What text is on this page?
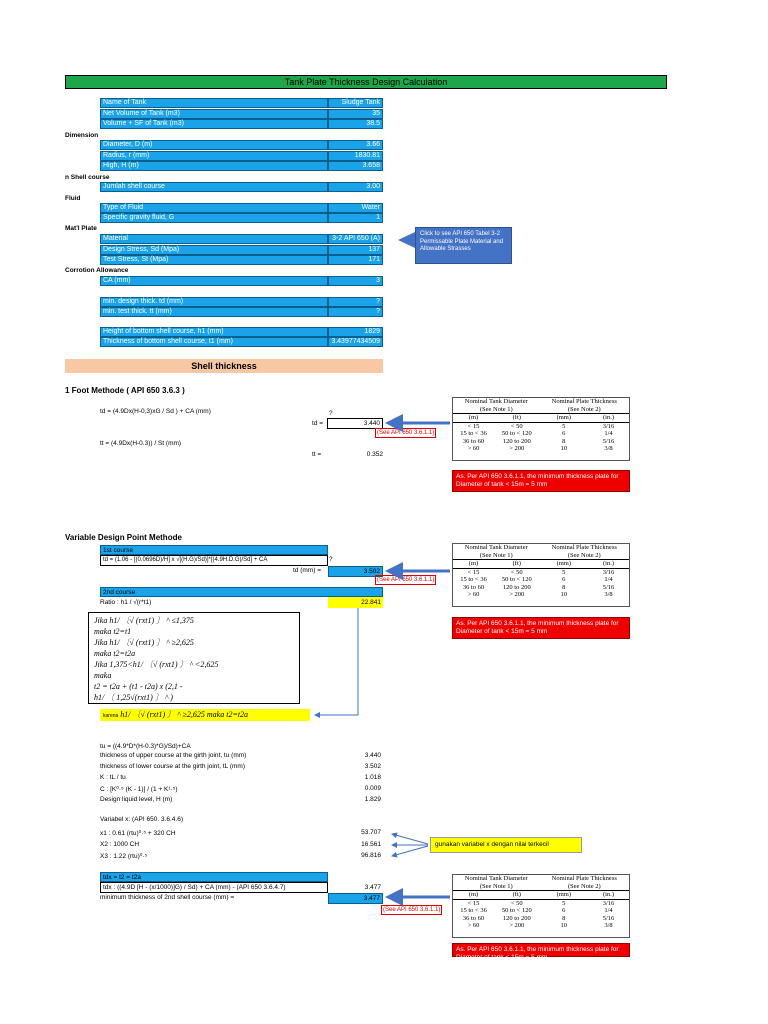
Tank Plate Thickness Design Calculation
Name of Tank	Sludge Tank
Net Volume of Tank (m3)	35
Volume + SF of Tank (m3)	38.5
Diameter, D (m)	3.66
Radius, r (mm)	1830.81
High, H (m)	3.658
Jumlah shell course	3.00
Type of Fluid	Water
Specific gravity fluid, G	1
Material	3-2 API 650 (A)
Design Stress, Sd (Mpa)	137
Test Stress, St (Mpa)	171
CA (mm)	3
min. design thick. td (mm)	?
min. test thick. tt (mm)	?
Height of bottom shell course, h1 (mm)	1829
Thickness of bottom shell course, t1 (mm)	3.43977434509
Dimension
n Shell course
Fluid
Mat'l Plate
Corrotion Allowance
Click to see API 650 Tabel 3-2 Permissable Plate Material and Allowable Strasses
Shell thickness
1 Foot Methode ( API 650 3.6.3 )
td = (4.9Dx(H-0,3)xG / Sd ) + CA (mm)	?
td =	3.440
(See API 650 3.6.1.1)
tt = (4.9Dx(H-0.3)) / St (mm)
tt =	0.352
As. Per API 650 3.6.1.1, the minimum thickness plate for Diameter of tank < 15m = 5 mm
Nominal Tank Diameter		Nominal Plate Thickness	
(See Note 1)		(See Note 2)	
(m)	(ft)	(mm)	(in.)
< 15	< 50	5	3/16
15 to < 36	50 to < 120	6	1/4
36 to 60	120 to 200	8	5/16
> 60	> 200	10	3/8
Nominal Tank Diameter		Nominal Plate Thickness	
(See Note 1)		(See Note 2)	
(m)	(ft)	(mm)	(in.)
< 15	< 50	5	3/16
15 to < 36	50 to < 120	6	1/4
36 to 60	120 to 200	8	5/16
> 60	> 200	10	3/8
Nominal Tank Diameter		Nominal Plate Thickness	
(See Note 1)		(See Note 2)	
(m)	(ft)	(mm)	(in.)
< 15	< 50	5	3/16
15 to < 36	50 to < 120	6	1/4
36 to 60	120 to 200	8	5/16
> 60	> 200	10	3/8
Variable Design Point Methode
1st course
td = (1.06 - [(0.0696D)/H] x √[(H.G)/Sd)]*[(4.9H.D.G)/Sd] + CA	?
td (mm) =	3.502
(See API 650 3.6.1.1)
2nd course
Ratio : h1 / √(r*t1)	22.841
As. Per API 650 3.6.1.1, the minimum thickness plate for Diameter of tank < 15m = 5 mm
Jika h1/ 〔√ (rxt1) 〕 ^ ≤1,375
maka t2=t1
Jika h1/ 〔√ (rxt1) 〕 ^ ≥2,625
maka t2=t2a
Jika 1,375<h1/ 〔√ (rxt1) 〕 ^ <2,625
maka
t2 = t2a + (t1 - t2a) x (2,1 -
h1/ 〔 1,25√(rxt1) 〕 ^ )
karena h1/ 〔√ (rxt1) 〕 ^ ≥2,625 maka t2=t2a
tu = ((4.9*D*(H-0.3)*G)/Sd)+CA
thickness of upper course at the girth joint, tu (mm)	3.440
thickness of lower course at the girth joint, tL (mm)	3.502
K : tL / tu	1.018
C : [K⁰·⁵ (K - 1)] / (1 + K¹·⁵)	0.009
Design liquid level, H (m)	1.829
Variabel x: (API 650. 3.6.4.6)
x1 : 0.61 (rtu)⁰·⁵ + 320 CH	53.707
X2 : 1000 CH	16.561
X3 : 1.22 (rtu)⁰·⁵	96.816
gunakan variabel x dengan nilai terkecil
tdx = t2 = t2a
tdx : ((4.9D [H - (x/1000)]G) / Sd) + CA (mm) - (API 650 3.6.4.7)	3.477
minimum thickness of 2nd shell course (mm) =	3.477
(See API 650 3.6.1.1)
As. Per API 650 3.6.1.1, the minimum thickness plate for Diameter of tank < 15m = 5 mm
